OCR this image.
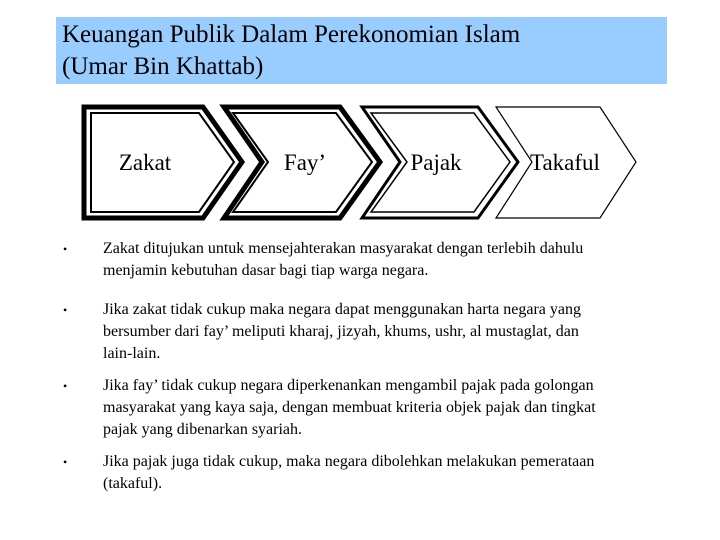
Keuangan Publik Dalam Perekonomian Islam
(Umar Bin Khattab)
Zakat	Fay’	Pajak	Takaful
•	Zakat ditujukan untuk mensejahterakan masyarakat dengan terlebih dahulu
menjamin kebutuhan dasar bagi tiap warga negara.
•	Jika zakat tidak cukup maka negara dapat menggunakan harta negara yang
bersumber dari fay’ meliputi kharaj, jizyah, khums, ushr, al mustaglat, dan
lain-lain.
•	Jika fay’ tidak cukup negara diperkenankan mengambil pajak pada golongan
masyarakat yang kaya saja, dengan membuat kriteria objek pajak dan tingkat
pajak yang dibenarkan syariah.
•	Jika pajak juga tidak cukup, maka negara dibolehkan melakukan pemerataan
(takaful).
